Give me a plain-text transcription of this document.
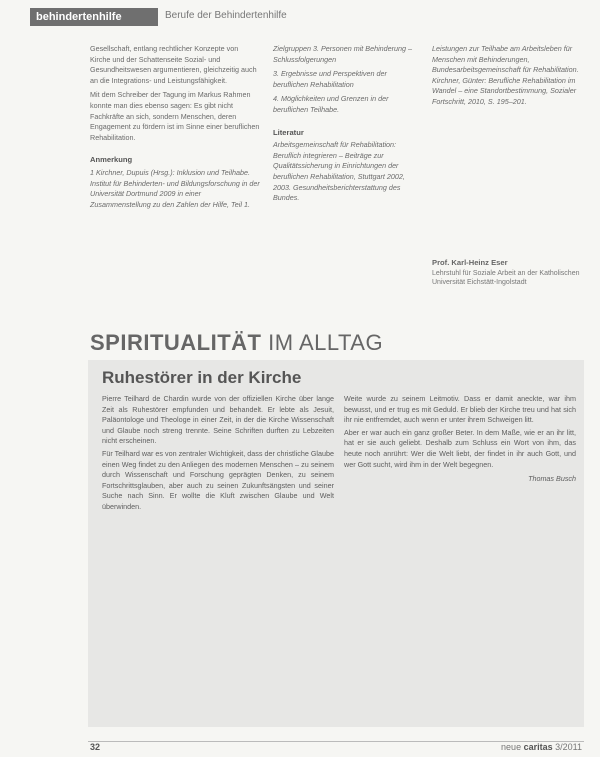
behindertenhilfe	Berufe der Behindertenhilfe

Gesellschaft, entlang rechtlicher Konzepte von Kirche und der Schattenseite Sozial- und Gesundheitswesen argumentieren, gleichzeitig auch an die Integrations- und Leistungsfähigkeit.

Mit dem Schreiber der Tagung im Markus Rahmen konnte man dies ebenso sagen: Es gibt nicht Fachkräfte an sich, sondern Menschen, deren Engagement zu fördern ist im Sinne einer beruflichen Rehabilitation.

Anmerkung

1 Kirchner, Dupuis (Hrsg.): Inklusion und Teilhabe. Institut für Behinderten- und Bildungsforschung in der Universität Dortmund 2009 in einer Zusammenstellung zu den Zahlen der Hilfe, Teil 1.

Zielgruppen 3. Personen mit Behinderung – Schlussfolgerungen

3. Ergebnisse und Perspektiven der beruflichen Rehabilitation

4. Möglichkeiten und Grenzen in der beruflichen Teilhabe.

Literatur

Arbeitsgemeinschaft für Rehabilitation: Beruflich integrieren – Beiträge zur Qualitätssicherung in Einrichtungen der beruflichen Rehabilitation, Stuttgart 2002, 2003. Gesundheitsberichterstattung des Bundes.

Leistungen zur Teilhabe am Arbeitsleben für Menschen mit Behinderungen, Bundesarbeitsgemeinschaft für Rehabilitation. Kirchner, Günter: Berufliche Rehabilitation im Wandel – eine Standortbestimmung, Sozialer Fortschritt, 2010, S. 195–201.

Prof. Karl-Heinz Eser
Lehrstuhl für Soziale Arbeit an der Katholischen Universität Eichstätt-Ingolstadt
SPIRITUALITÄT IM ALLTAG
Ruhestörer in der Kirche

Pierre Teilhard de Chardin wurde von der offiziellen Kirche über lange Zeit als Ruhestörer empfunden und behandelt. Er lebte als Jesuit, Paläontologe und Theologe in einer Zeit, in der die Kirche Wissenschaft und Glaube noch streng trennte. Seine Schriften durften zu Lebzeiten nicht erscheinen.

Für Teilhard war es von zentraler Wichtigkeit, dass der christliche Glaube einen Weg findet zu den Anliegen des modernen Menschen – zu seinem durch Wissenschaft und Forschung geprägten Denken, zu seinem Fortschrittsglauben, aber auch zu seinen Zukunftsängsten und seiner Suche nach Sinn. Er wollte die Kluft zwischen Glaube und Welt überwinden.

Weite wurde zu seinem Leitmotiv. Dass er damit aneckte, war ihm bewusst, und er trug es mit Geduld. Er blieb der Kirche treu und hat sich ihr nie entfremdet, auch wenn er unter ihrem Schweigen litt.

Aber er war auch ein ganz großer Beter. In dem Maße, wie er an ihr litt, hat er sie auch geliebt. Deshalb zum Schluss ein Wort von ihm, das heute noch anrührt: Wer die Welt liebt, der findet in ihr auch Gott, und wer Gott sucht, wird ihm in der Welt begegnen.

Thomas Busch
32	neue caritas 3/2011
